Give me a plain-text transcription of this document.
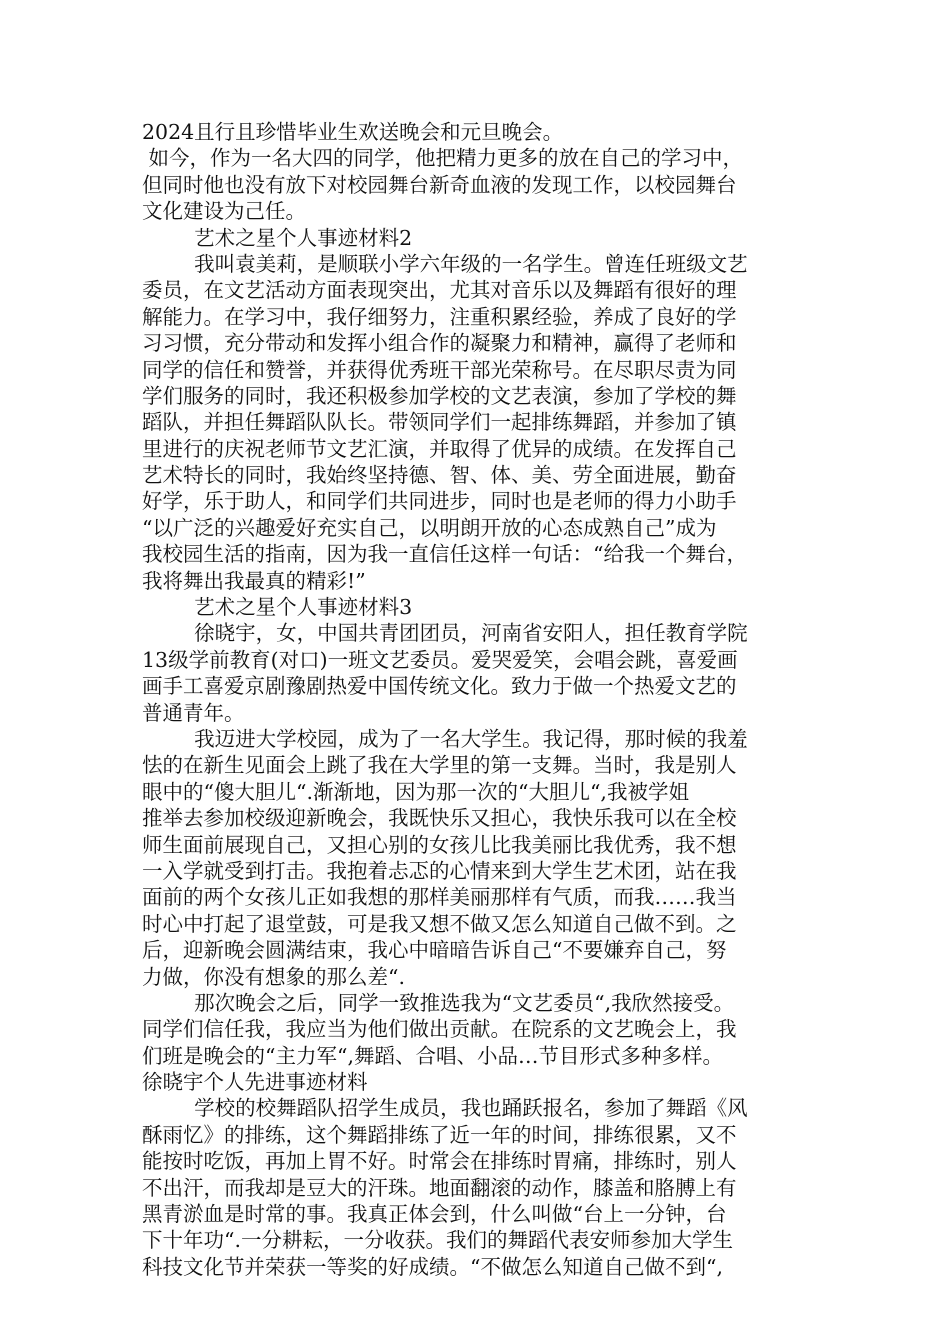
2024且行且珍惜毕业生欢送晚会和元旦晚会。
如今，作为一名大四的同学，他把精力更多的放在自己的学习中，
但同时他也没有放下对校园舞台新奇血液的发现工作，以校园舞台
文化建设为己任。
艺术之星个人事迹材料2
我叫袁美莉，是顺联小学六年级的一名学生。曾连任班级文艺
委员，在文艺活动方面表现突出，尤其对音乐以及舞蹈有很好的理
解能力。在学习中，我仔细努力，注重积累经验，养成了良好的学
习习惯，充分带动和发挥小组合作的凝聚力和精神，赢得了老师和
同学的信任和赞誉，并获得优秀班干部光荣称号。在尽职尽责为同
学们服务的同时，我还积极参加学校的文艺表演，参加了学校的舞
蹈队，并担任舞蹈队队长。带领同学们一起排练舞蹈，并参加了镇
里进行的庆祝老师节文艺汇演，并取得了优异的成绩。在发挥自己
艺术特长的同时，我始终坚持德、智、体、美、劳全面进展，勤奋
好学，乐于助人，和同学们共同进步，同时也是老师的得力小助手
“以广泛的兴趣爱好充实自己，以明朗开放的心态成熟自己”成为
我校园生活的指南，因为我一直信任这样一句话：“给我一个舞台，
我将舞出我最真的精彩!”
艺术之星个人事迹材料3
徐晓宇，女，中国共青团团员，河南省安阳人，担任教育学院
13级学前教育(对口)一班文艺委员。爱哭爱笑，会唱会跳，喜爱画
画手工喜爱京剧豫剧热爱中国传统文化。致力于做一个热爱文艺的
普通青年。
我迈进大学校园，成为了一名大学生。我记得，那时候的我羞
怯的在新生见面会上跳了我在大学里的第一支舞。当时，我是别人
眼中的“傻大胆儿“.渐渐地，因为那一次的“大胆儿“,我被学姐
推举去参加校级迎新晚会，我既快乐又担心，我快乐我可以在全校
师生面前展现自己，又担心别的女孩儿比我美丽比我优秀，我不想
一入学就受到打击。我抱着忐忑的心情来到大学生艺术团，站在我
面前的两个女孩儿正如我想的那样美丽那样有气质，而我……我当
时心中打起了退堂鼓，可是我又想不做又怎么知道自己做不到。之
后，迎新晚会圆满结束，我心中暗暗告诉自己“不要嫌弃自己，努
力做，你没有想象的那么差“.
那次晚会之后，同学一致推选我为“文艺委员“,我欣然接受。
同学们信任我，我应当为他们做出贡献。在院系的文艺晚会上，我
们班是晚会的“主力军“,舞蹈、合唱、小品…节目形式多种多样。
徐晓宇个人先进事迹材料
学校的校舞蹈队招学生成员，我也踊跃报名，参加了舞蹈《风
酥雨忆》的排练，这个舞蹈排练了近一年的时间，排练很累，又不
能按时吃饭，再加上胃不好。时常会在排练时胃痛，排练时，别人
不出汗，而我却是豆大的汗珠。地面翻滚的动作，膝盖和胳膊上有
黑青淤血是时常的事。我真正体会到，什么叫做“台上一分钟，台
下十年功“.一分耕耘，一分收获。我们的舞蹈代表安师参加大学生
科技文化节并荣获一等奖的好成绩。“不做怎么知道自己做不到“,
